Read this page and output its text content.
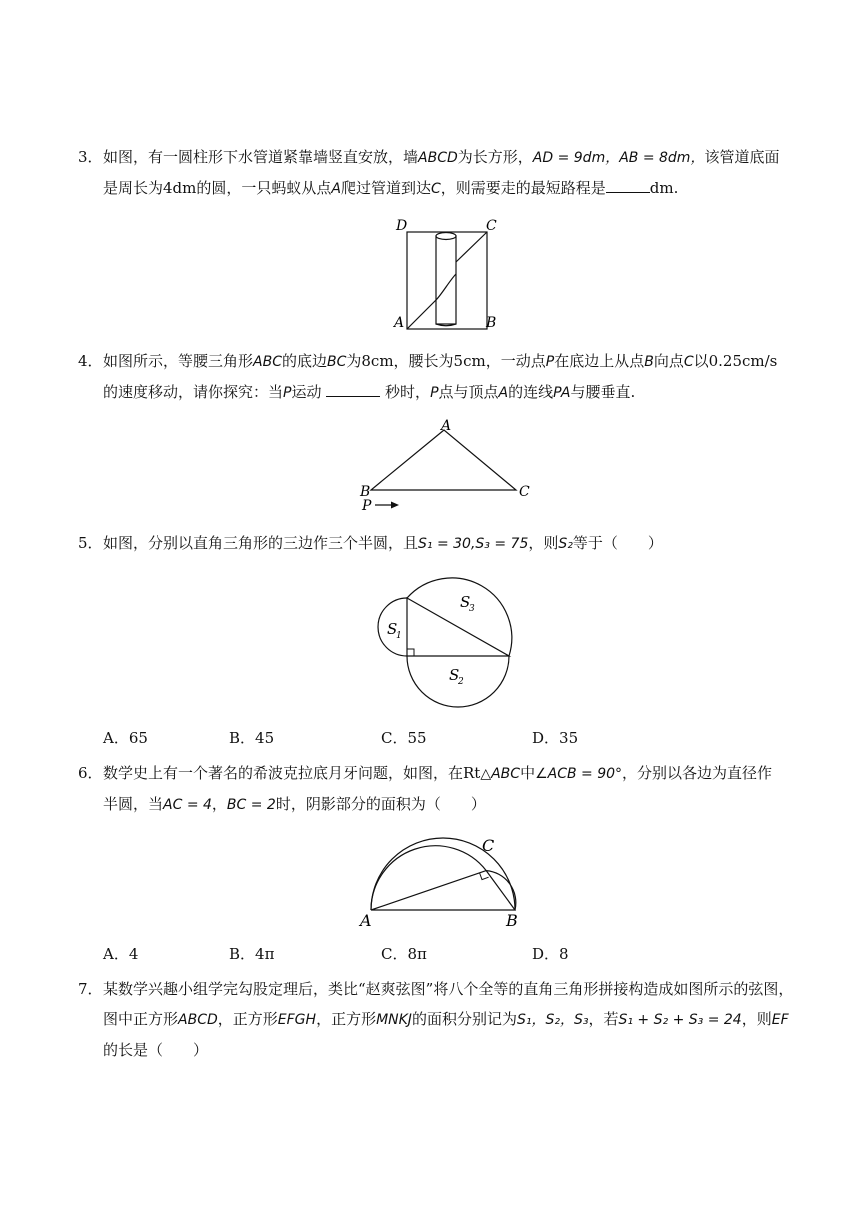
3．如图，有一圆柱形下水管道紧靠墙竖直安放，墙ABCD为长方形，AD = 9dm，AB = 8dm，该管道底面

是周长为4dm的圆，一只蚂蚁从点A爬过管道到达C，则需要走的最短路程是	dm.

D	C
A	B

4．如图所示，等腰三角形ABC的底边BC为8cm，腰长为5cm，一动点P在底边上从点B向点C以0.25cm/s

的速度移动，请你探究：当P运动	秒时，P点与顶点A的连线PA与腰垂直.

A
B	C
P

5．如图，分别以直角三角形的三边作三个半圆，且S₁ = 30,S₃ = 75，则S₂等于（　　）

S
1
S
2
S
3
A．65	B．45	C．55	D．35

6．数学史上有一个著名的希波克拉底月牙问题，如图，在Rt△ABC中∠ACB = 90°，分别以各边为直径作

半圆，当AC = 4，BC = 2时，阴影部分的面积为（　　）

A	B
C
A．4	B．4π	C．8π	D．8

7．某数学兴趣小组学完勾股定理后，类比“赵爽弦图”将八个全等的直角三角形拼接构造成如图所示的弦图，

图中正方形ABCD，正方形EFGH，正方形MNKJ的面积分别记为S₁，S₂，S₃，若S₁ + S₂ + S₃ = 24，则EF

的长是（　　）
